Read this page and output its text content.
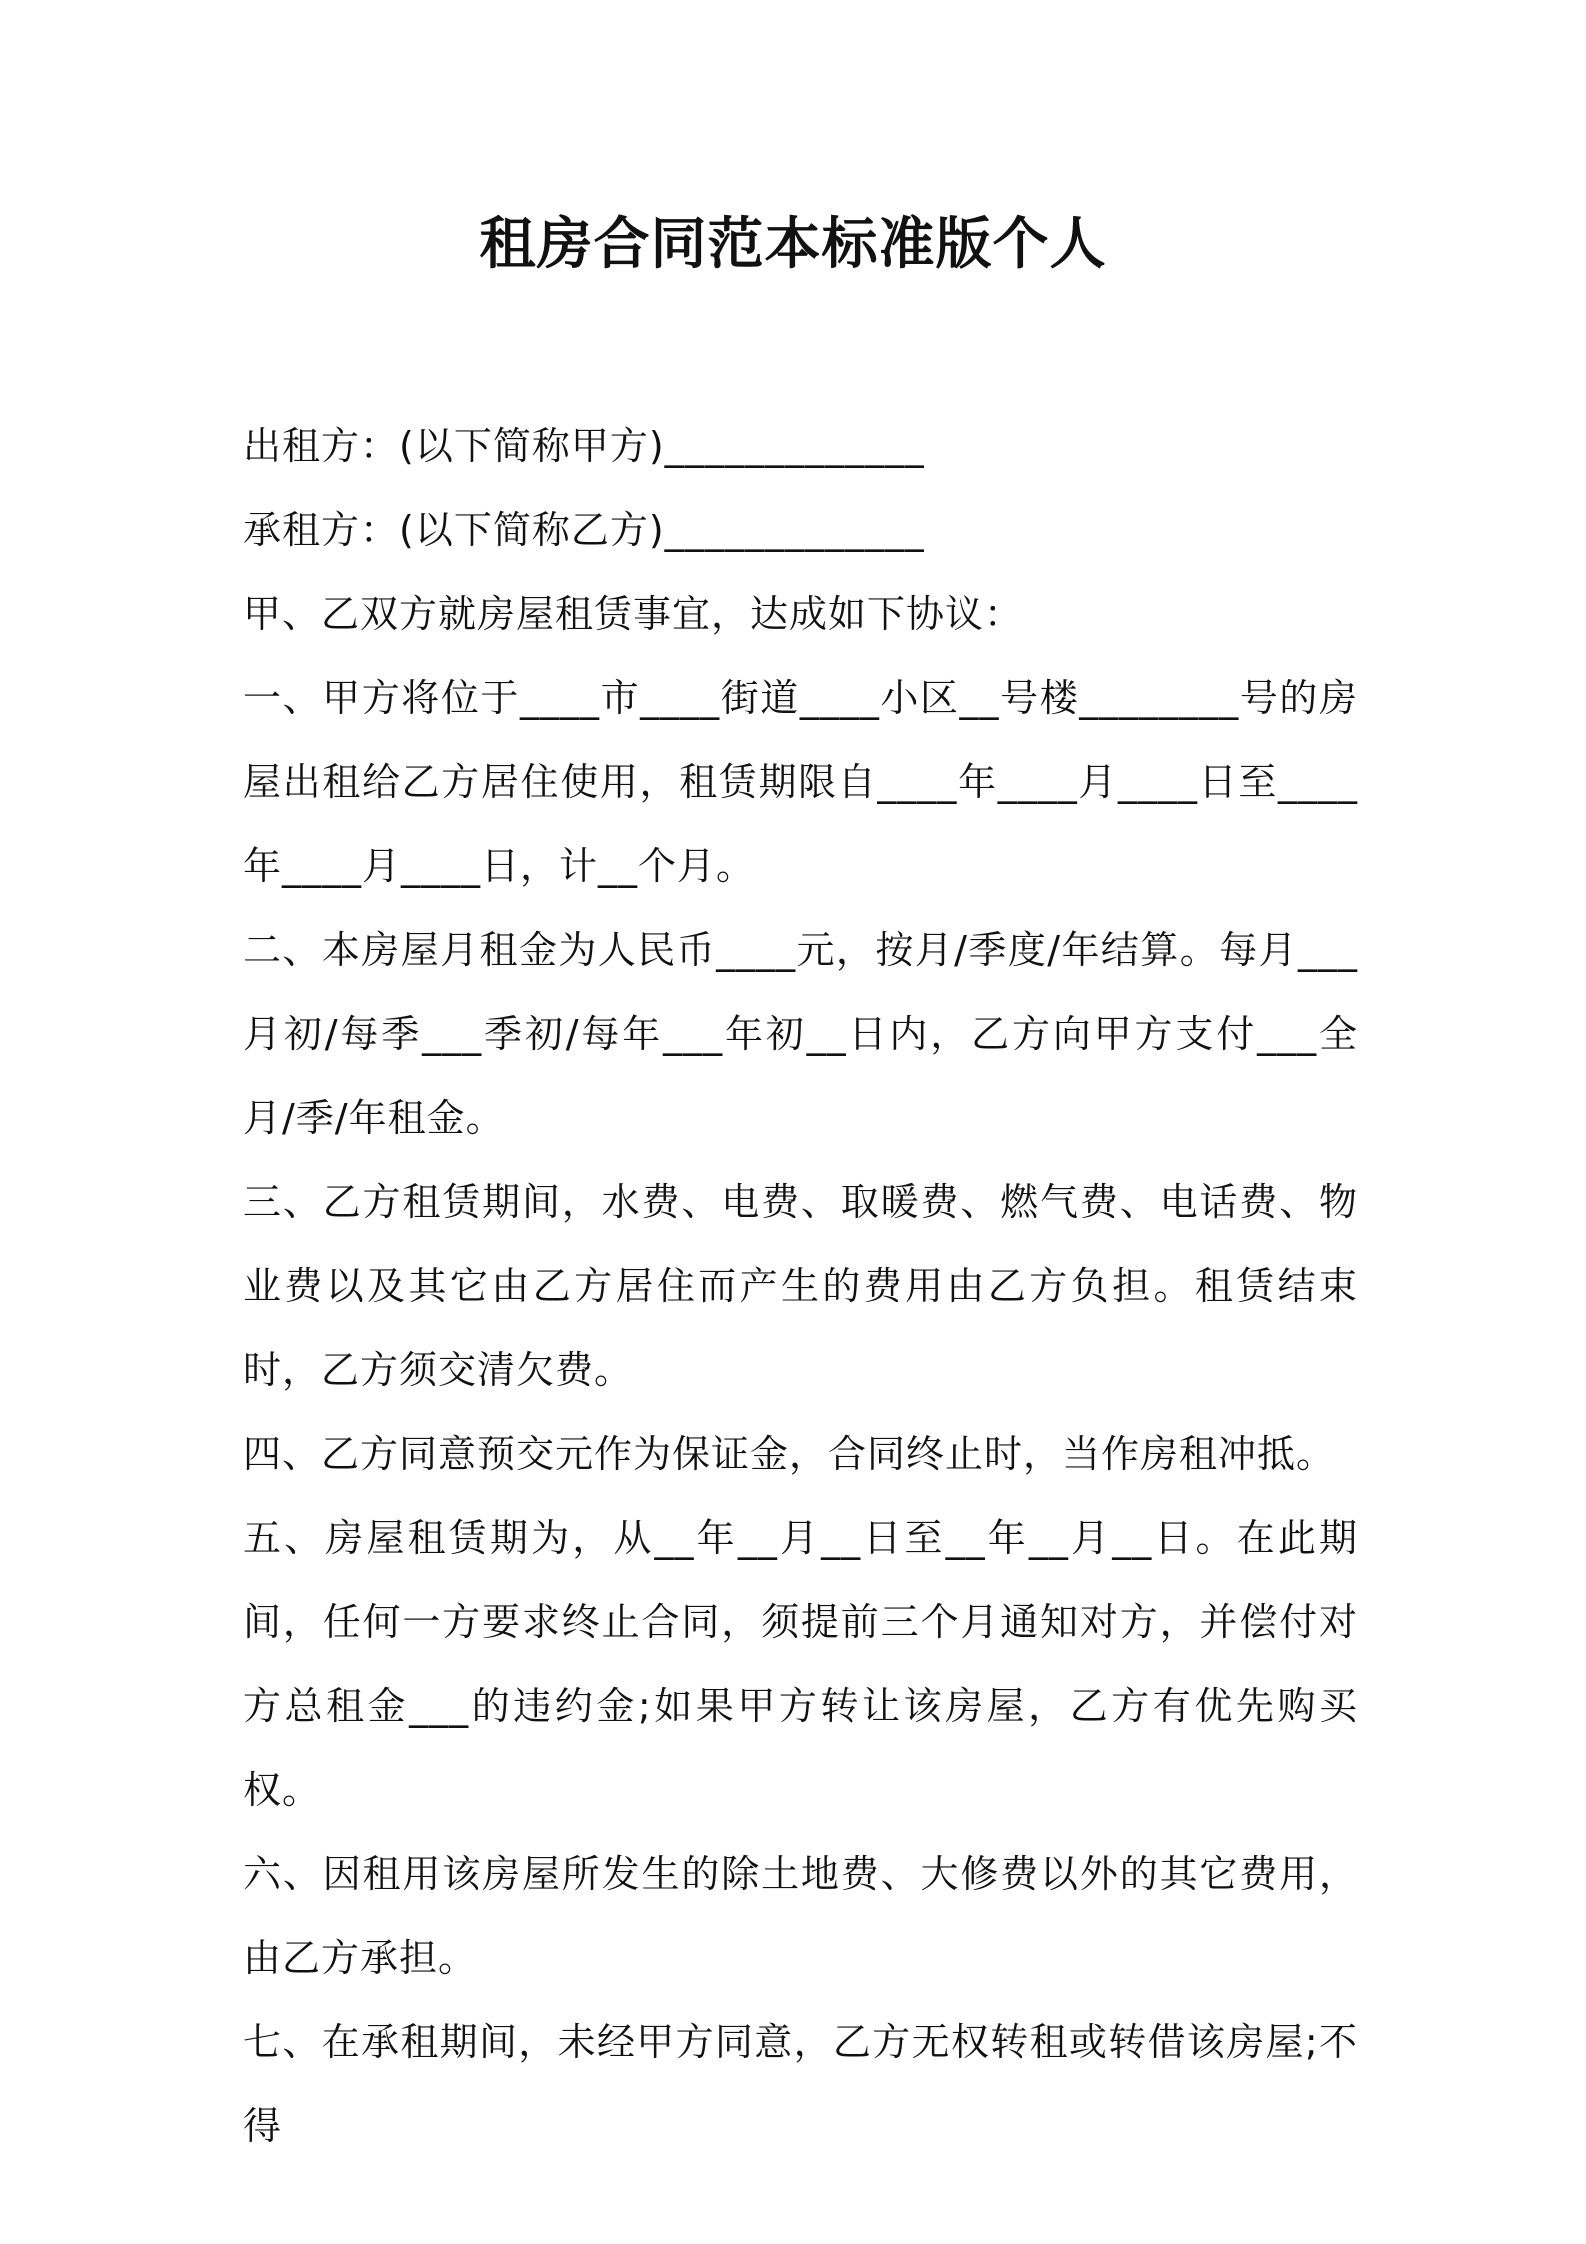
租房合同范本标准版个人

出租方：(以下简称甲方)_____________

承租方：(以下简称乙方)_____________

甲、乙双方就房屋租赁事宜，达成如下协议：

一、甲方将位于____市____街道____小区__号楼________号的房屋出租给乙方居住使用，租赁期限自____年____月____日至____年____月____日，计__个月。

二、本房屋月租金为人民币____元，按月/季度/年结算。每月___月初/每季___季初/每年___年初__日内，乙方向甲方支付___全月/季/年租金。

三、乙方租赁期间，水费、电费、取暖费、燃气费、电话费、物业费以及其它由乙方居住而产生的费用由乙方负担。租赁结束时，乙方须交清欠费。

四、乙方同意预交元作为保证金，合同终止时，当作房租冲抵。

五、房屋租赁期为，从__年__月__日至__年__月__日。在此期间，任何一方要求终止合同，须提前三个月通知对方，并偿付对方总租金___的违约金;如果甲方转让该房屋，乙方有优先购买权。

六、因租用该房屋所发生的除土地费、大修费以外的其它费用，由乙方承担。

七、在承租期间，未经甲方同意，乙方无权转租或转借该房屋;不得
